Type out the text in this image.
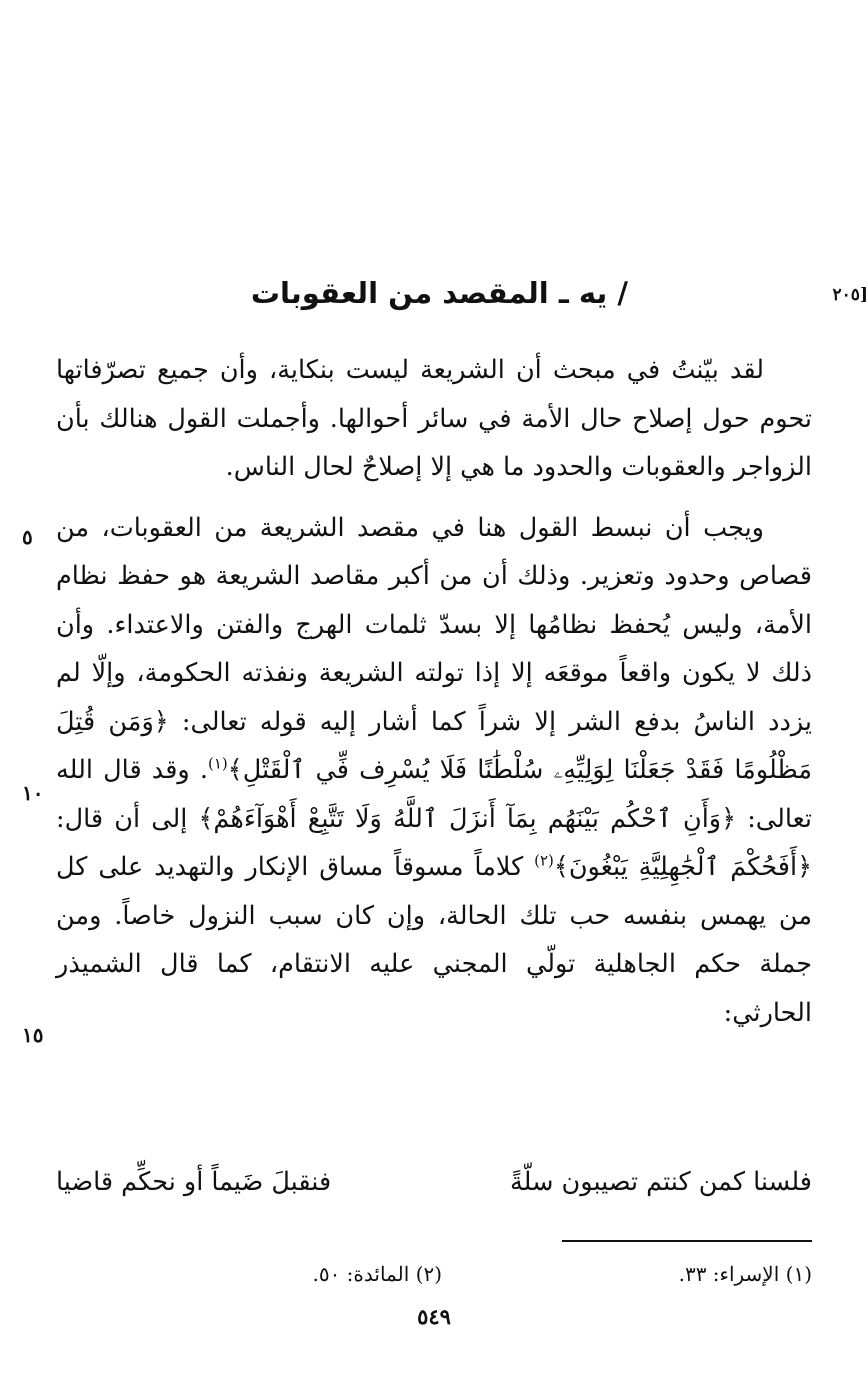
[٢٠٥
/ يه ـ المقصد من العقوبات

لقد بيّنتُ في مبحث أن الشريعة ليست بنكاية، وأن جميع تصرّفاتها تحوم حول إصلاح حال الأمة في سائر أحوالها. وأجملت القول هنالك بأن الزواجر والعقوبات والحدود ما هي إلا إصلاحٌ لحال الناس.

ويجب أن نبسط القول هنا في مقصد الشريعة من العقوبات، من قصاص وحدود وتعزير. وذلك أن من أكبر مقاصد الشريعة هو حفظ نظام الأمة، وليس يُحفظ نظامُها إلا بسدّ ثلمات الهرج والفتن والاعتداء. وأن ذلك لا يكون واقعاً موقعَه إلا إذا تولته الشريعة ونفذته الحكومة، وإلّا لم يزدد الناسُ بدفع الشر إلا شراً كما أشار إليه قوله تعالى: ﴿وَمَن قُتِلَ مَظْلُومًا فَقَدْ جَعَلْنَا لِوَلِيِّهِۦ سُلْطَٰنًا فَلَا يُسْرِف فِّي ٱلْقَتْلِ﴾$^{(١)}$. وقد قال الله تعالى: ﴿وَأَنِ ٱحْكُم بَيْنَهُم بِمَآ أَنزَلَ ٱللَّهُ وَلَا تَتَّبِعْ أَهْوَآءَهُمْ﴾ إلى أن قال: ﴿أَفَحُكْمَ ٱلْجَٰهِلِيَّةِ يَبْغُونَ﴾$^{(٢)}$ كلاماً مسوقاً مساق الإنكار والتهديد على كل من يهمس بنفسه حب تلك الحالة، وإن كان سبب النزول خاصاً. ومن جملة حكم الجاهلية تولّي المجني عليه الانتقام، كما قال الشميذر الحارثي:

٥
١٠
١٥
فلسنا كمن كنتم تصيبون سلّةً
فنقبلَ ضَيماً أو نحكِّم قاضيا
(١) الإسراء: ٣٣.
(٢) المائدة: ٥٠.
٥٤٩
